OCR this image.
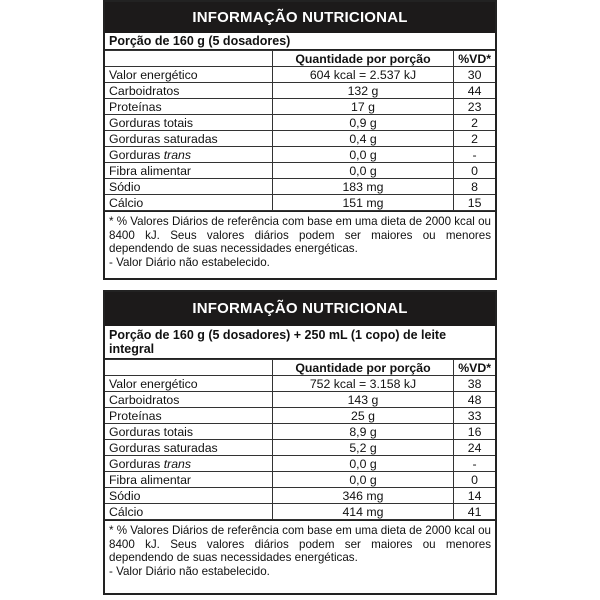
INFORMAÇÃO NUTRICIONAL
Porção de 160 g (5 dosadores)
	Quantidade por porção	%VD*
Valor energético	604 kcal = 2.537 kJ	30
Carboidratos	132 g	44
Proteínas	17 g	23
Gorduras totais	0,9 g	2
Gorduras saturadas	0,4 g	2
Gorduras trans	0,0 g	-
Fibra alimentar	0,0 g	0
Sódio	183 mg	8
Cálcio	151 mg	15

* % Valores Diários de referência com base em uma dieta de 2000 kcal ou 8400 kJ. Seus valores diários podem ser maiores ou menores dependendo de suas necessidades energéticas.

- Valor Diário não estabelecido.

INFORMAÇÃO NUTRICIONAL
Porção de 160 g (5 dosadores) + 250 mL (1 copo) de leite integral
	Quantidade por porção	%VD*
Valor energético	752 kcal = 3.158 kJ	38
Carboidratos	143 g	48
Proteínas	25 g	33
Gorduras totais	8,9 g	16
Gorduras saturadas	5,2 g	24
Gorduras trans	0,0 g	-
Fibra alimentar	0,0 g	0
Sódio	346 mg	14
Cálcio	414 mg	41

* % Valores Diários de referência com base em uma dieta de 2000 kcal ou 8400 kJ. Seus valores diários podem ser maiores ou menores dependendo de suas necessidades energéticas.

- Valor Diário não estabelecido.
